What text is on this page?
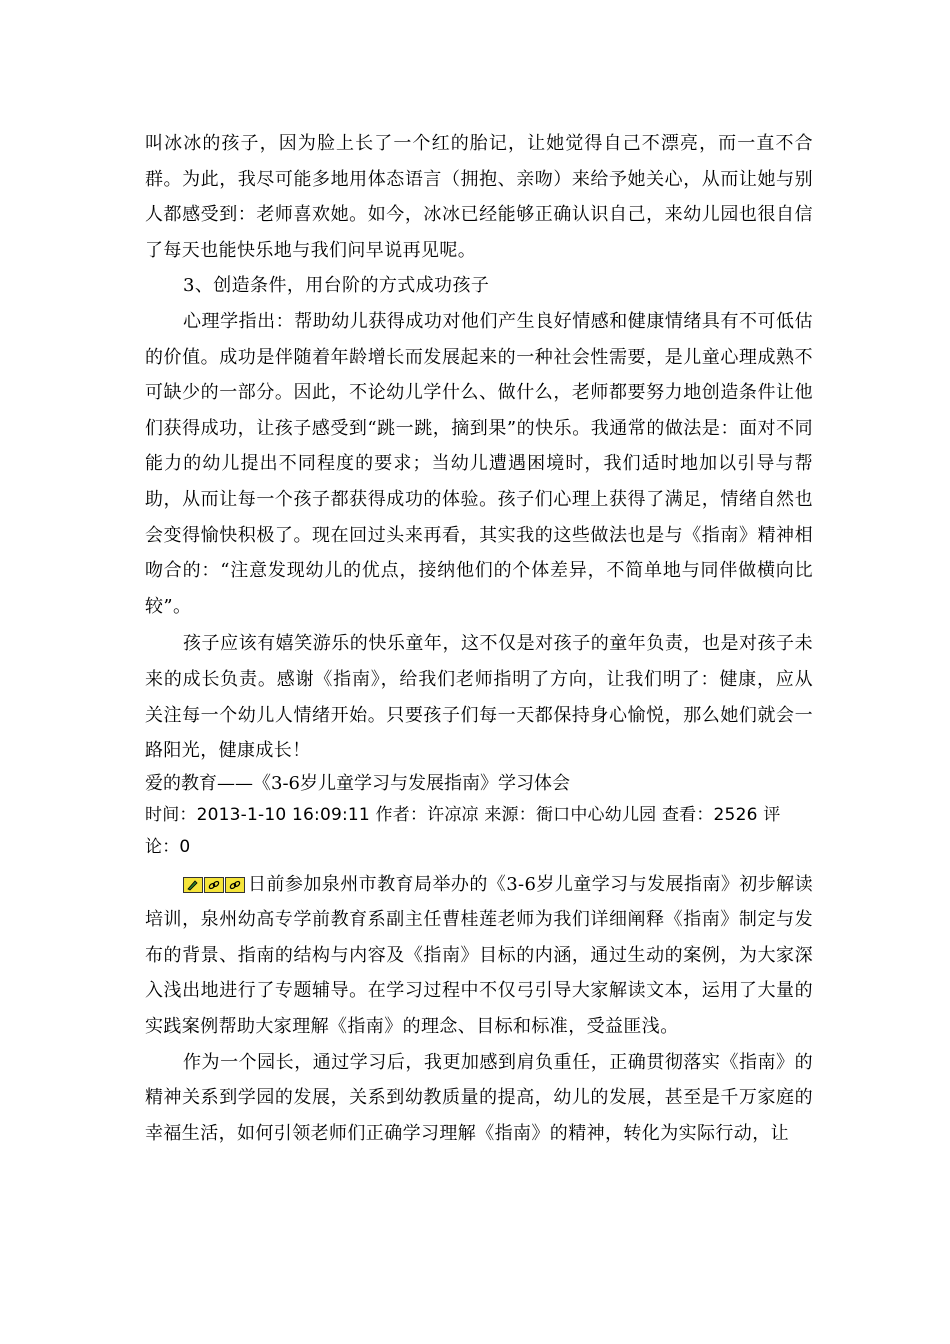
叫冰冰的孩子，因为脸上长了一个红的胎记，让她觉得自己不漂亮，而一直不合群。为此，我尽可能多地用体态语言（拥抱、亲吻）来给予她关心，从而让她与别人都感受到：老师喜欢她。如今，冰冰已经能够正确认识自己，来幼儿园也很自信了每天也能快乐地与我们问早说再见呢。

3、创造条件，用台阶的方式成功孩子

心理学指出：帮助幼儿获得成功对他们产生良好情感和健康情绪具有不可低估的价值。成功是伴随着年龄增长而发展起来的一种社会性需要，是儿童心理成熟不可缺少的一部分。因此，不论幼儿学什么、做什么，老师都要努力地创造条件让他们获得成功，让孩子感受到“跳一跳，摘到果”的快乐。我通常的做法是：面对不同能力的幼儿提出不同程度的要求；当幼儿遭遇困境时，我们适时地加以引导与帮助，从而让每一个孩子都获得成功的体验。孩子们心理上获得了满足，情绪自然也会变得愉快积极了。现在回过头来再看，其实我的这些做法也是与《指南》精神相吻合的：“注意发现幼儿的优点，接纳他们的个体差异，不简单地与同伴做横向比较”。

孩子应该有嬉笑游乐的快乐童年，这不仅是对孩子的童年负责，也是对孩子未来的成长负责。感谢《指南》，给我们老师指明了方向，让我们明了：健康，应从关注每一个幼儿人情绪开始。只要孩子们每一天都保持身心愉悦，那么她们就会一路阳光，健康成长！

爱的教育——《3-6岁儿童学习与发展指南》学习体会

时间：2013-1-10 16:09:11 作者：许凉凉 来源：衙口中心幼儿园 查看：2526 评论：0

日前参加泉州市教育局举办的《3-6岁儿童学习与发展指南》初步解读培训，泉州幼高专学前教育系副主任曹桂莲老师为我们详细阐释《指南》制定与发布的背景、指南的结构与内容及《指南》目标的内涵，通过生动的案例，为大家深入浅出地进行了专题辅导。在学习过程中不仅弓引导大家解读文本，运用了大量的实践案例帮助大家理解《指南》的理念、目标和标准，受益匪浅。

作为一个园长，通过学习后，我更加感到肩负重任，正确贯彻落实《指南》的精神关系到学园的发展，关系到幼教质量的提高，幼儿的发展，甚至是千万家庭的幸福生活，如何引领老师们正确学习理解《指南》的精神，转化为实际行动，让
